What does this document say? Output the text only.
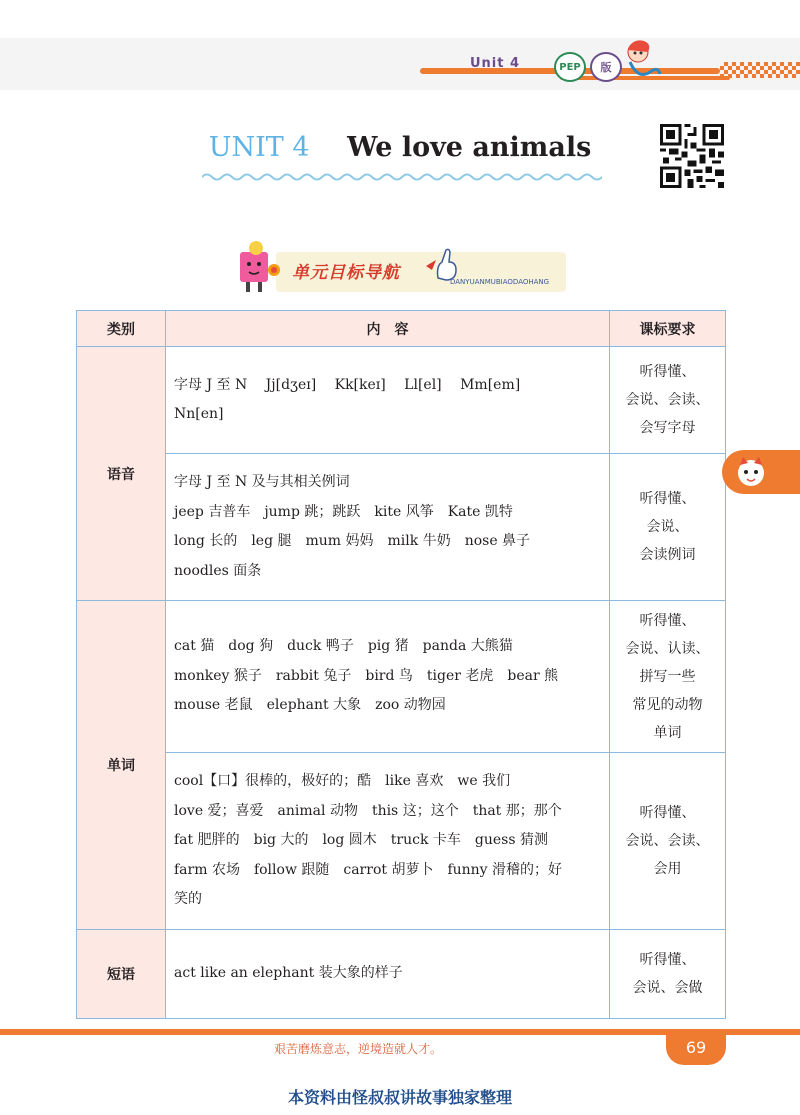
Unit 4	PEP	版
UNIT 4 We love animals
单元目标导航	DANYUANMUBIAODAOHANG
类别	内　容	课标要求
语音	字母 J 至 N　 Jj[dʒeɪ]　 Kk[keɪ]　 Ll[el]　 Mm[em]
Nn[en]	听得懂、
会说、会读、
会写字母

	字母 J 至 N 及与其相关例词
jeep 吉普车　jump 跳；跳跃　kite 风筝　Kate 凯特
long 长的　leg 腿　mum 妈妈　milk 牛奶　nose 鼻子
noodles 面条	听得懂、
会说、
会读例词

单词	cat 猫　dog 狗　duck 鸭子　pig 猪　panda 大熊猫
monkey 猴子　rabbit 兔子　bird 鸟　tiger 老虎　bear 熊
mouse 老鼠　elephant 大象　zoo 动物园	听得懂、
会说、认读、
拼写一些
常见的动物
单词

	cool【口】很棒的，极好的；酷　like 喜欢　we 我们
love 爱；喜爱　animal 动物　this 这；这个　that 那；那个
fat 肥胖的　big 大的　log 圆木　truck 卡车　guess 猜测
farm 农场　follow 跟随　carrot 胡萝卜　funny 滑稽的；好
笑的	听得懂、
会说、会读、
会用

短语	act like an elephant 装大象的样子	听得懂、
会说、会做
艰苦磨炼意志，逆境造就人才。	69
本资料由怪叔叔讲故事独家整理
